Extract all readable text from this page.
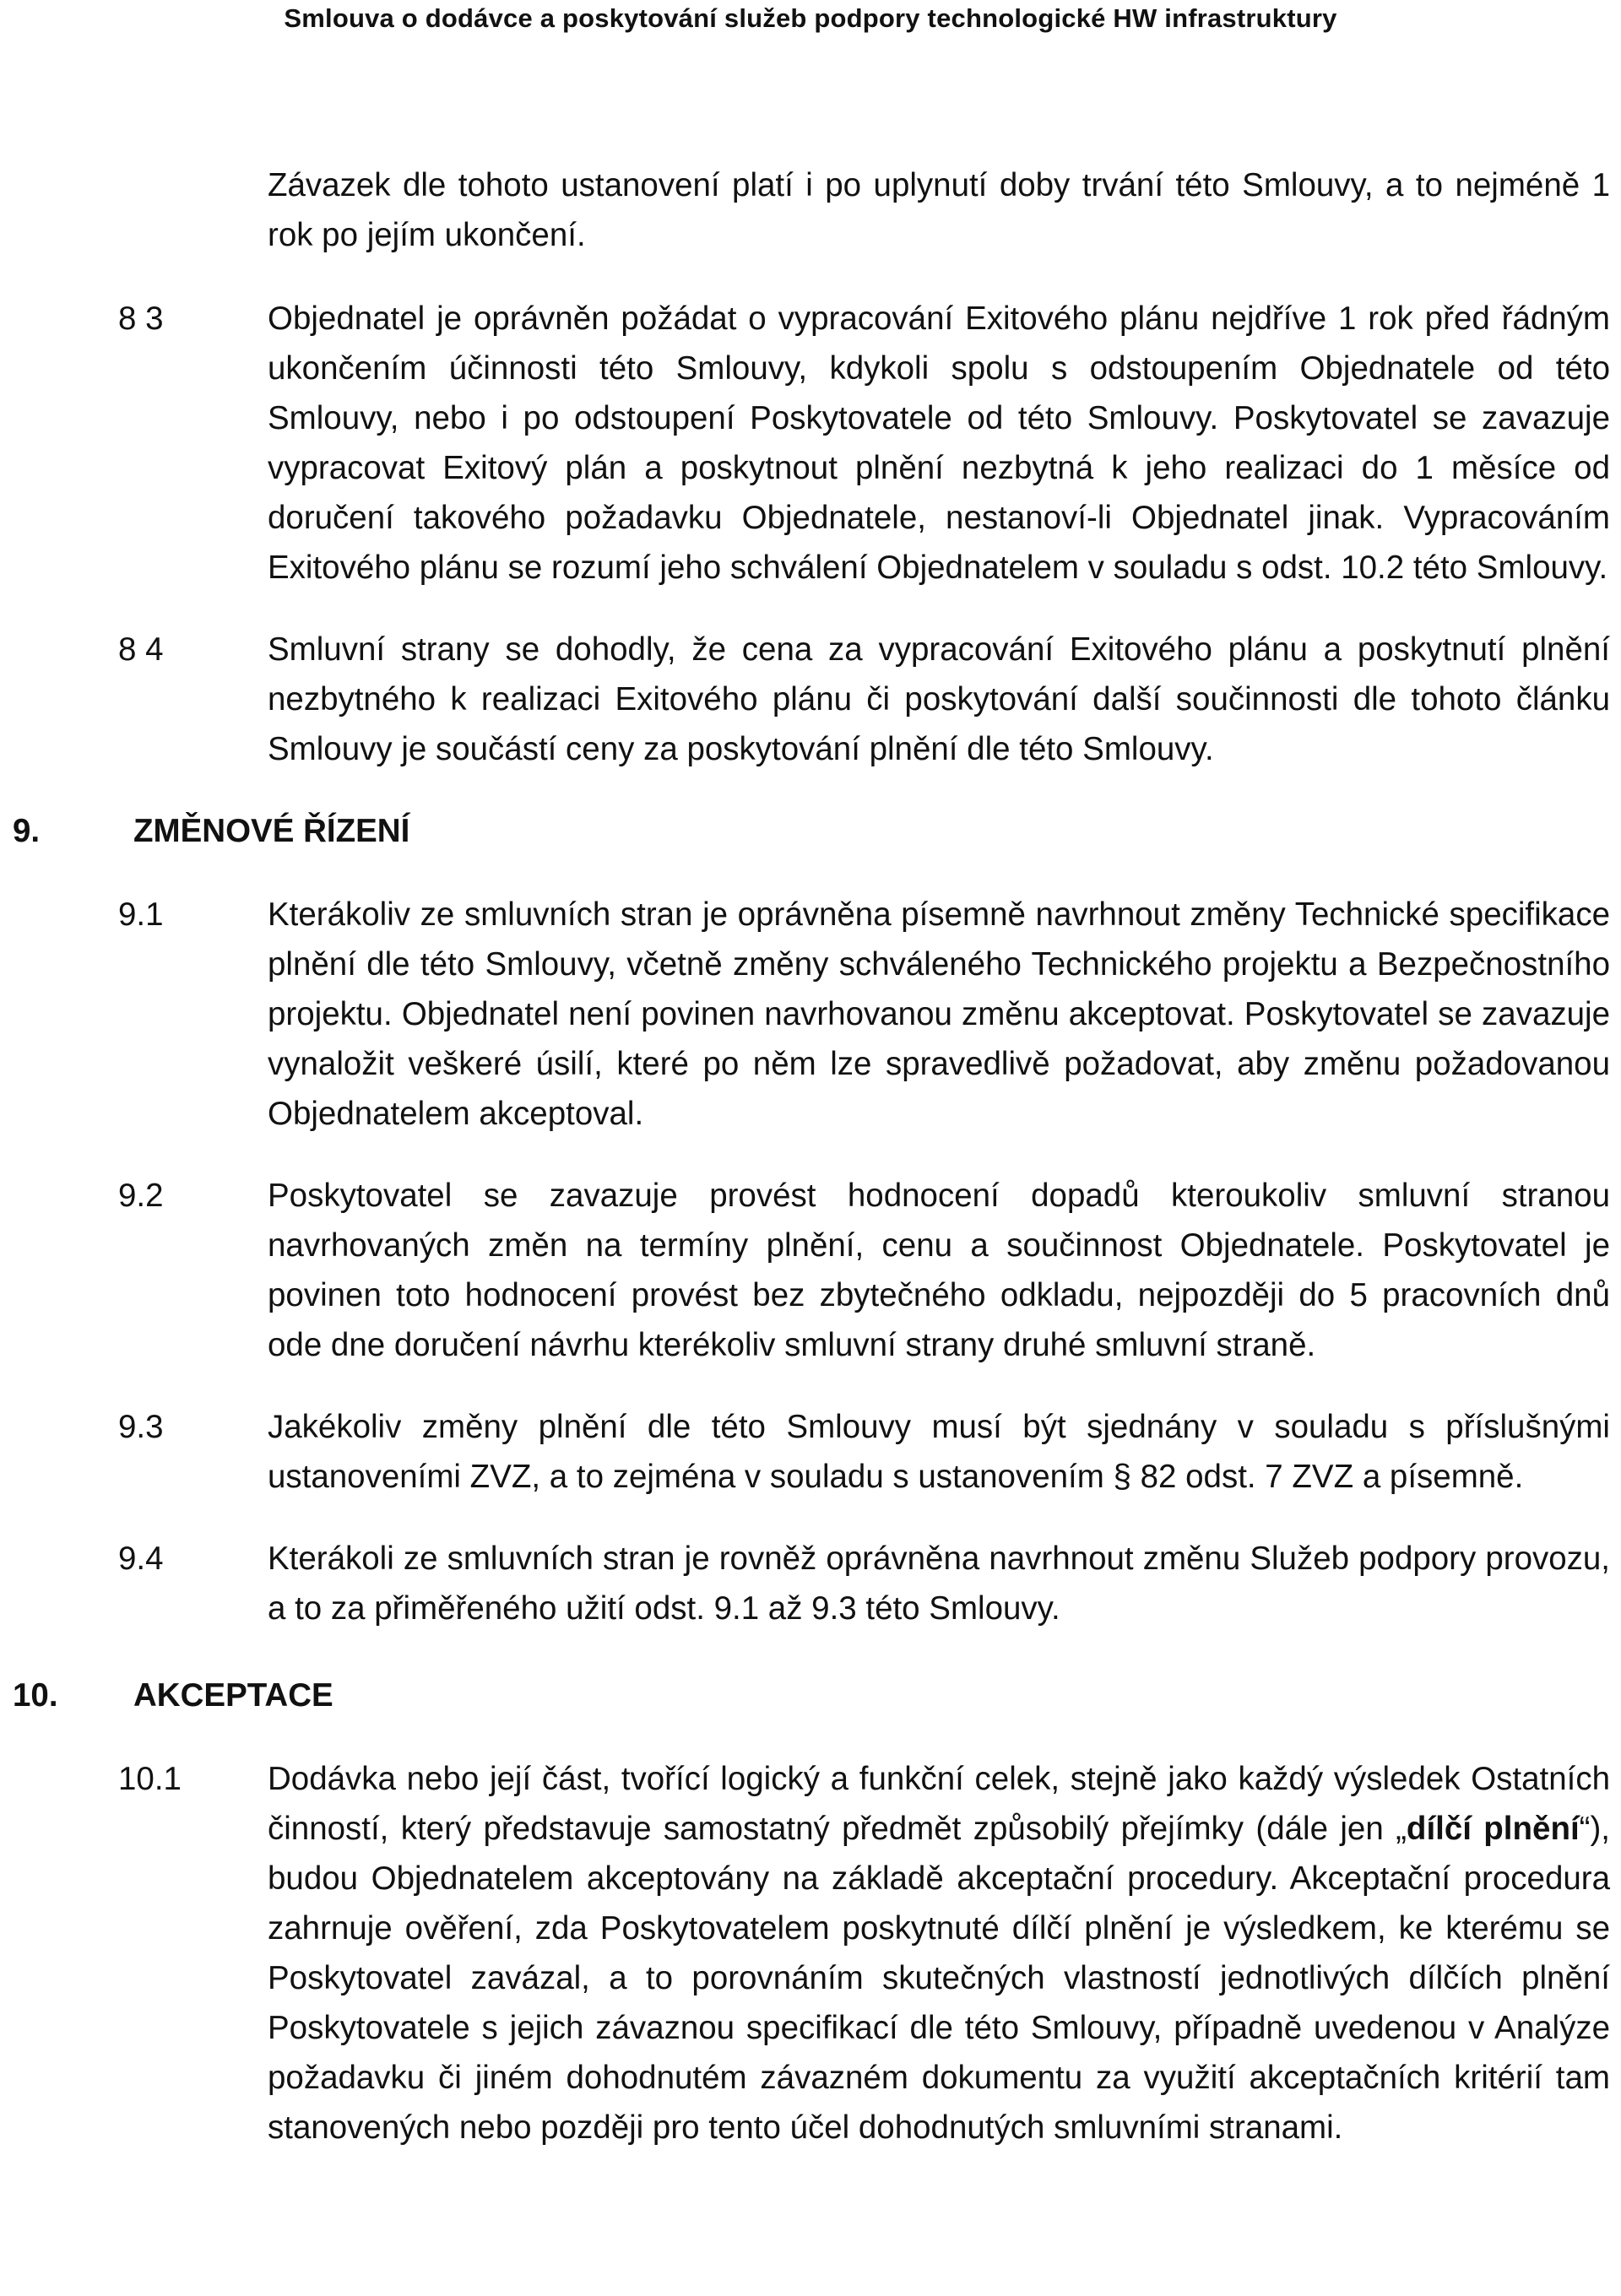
Smlouva o dodávce a poskytování služeb podpory technologické HW infrastruktury
Závazek dle tohoto ustanovení platí i po uplynutí doby trvání této Smlouvy, a to nejméně 1 rok po jejím ukončení.
8 3	Objednatel je oprávněn požádat o vypracování Exitového plánu nejdříve 1 rok před řádným ukončením účinnosti této Smlouvy, kdykoli spolu s odstoupením Objednatele od této Smlouvy, nebo i po odstoupení Poskytovatele od této Smlouvy. Poskytovatel se zavazuje vypracovat Exitový plán a poskytnout plnění nezbytná k jeho realizaci do 1 měsíce od doručení takového požadavku Objednatele, nestanoví-li Objednatel jinak. Vypracováním Exitového plánu se rozumí jeho schválení Objednatelem v souladu s odst. 10.2 této Smlouvy.
8 4	Smluvní strany se dohodly, že cena za vypracování Exitového plánu a poskytnutí plnění nezbytného k realizaci Exitového plánu či poskytování další součinnosti dle tohoto článku Smlouvy je součástí ceny za poskytování plnění dle této Smlouvy.
9.	ZMĚNOVÉ ŘÍZENÍ
9.1	Kterákoliv ze smluvních stran je oprávněna písemně navrhnout změny Technické specifikace plnění dle této Smlouvy, včetně změny schváleného Technického projektu a Bezpečnostního projektu. Objednatel není povinen navrhovanou změnu akceptovat. Poskytovatel se zavazuje vynaložit veškeré úsilí, které po něm lze spravedlivě požadovat, aby změnu požadovanou Objednatelem akceptoval.
9.2	Poskytovatel se zavazuje provést hodnocení dopadů kteroukoliv smluvní stranou navrhovaných změn na termíny plnění, cenu a součinnost Objednatele. Poskytovatel je povinen toto hodnocení provést bez zbytečného odkladu, nejpozději do 5 pracovních dnů ode dne doručení návrhu kterékoliv smluvní strany druhé smluvní straně.
9.3	Jakékoliv změny plnění dle této Smlouvy musí být sjednány v souladu s příslušnými ustanoveními ZVZ, a to zejména v souladu s ustanovením § 82 odst. 7 ZVZ a písemně.
9.4	Kterákoli ze smluvních stran je rovněž oprávněna navrhnout změnu Služeb podpory provozu, a to za přiměřeného užití odst. 9.1 až 9.3 této Smlouvy.
10. AKCEPTACE
10.1	Dodávka nebo její část, tvořící logický a funkční celek, stejně jako každý výsledek Ostatních činností, který představuje samostatný předmět způsobilý přejímky (dále jen „dílčí plnění“), budou Objednatelem akceptovány na základě akceptační procedury. Akceptační procedura zahrnuje ověření, zda Poskytovatelem poskytnuté dílčí plnění je výsledkem, ke kterému se Poskytovatel zavázal, a to porovnáním skutečných vlastností jednotlivých dílčích plnění Poskytovatele s jejich závaznou specifikací dle této Smlouvy, případně uvedenou v Analýze požadavku či jiném dohodnutém závazném dokumentu za využití akceptačních kritérií tam stanovených nebo později pro tento účel dohodnutých smluvními stranami.
